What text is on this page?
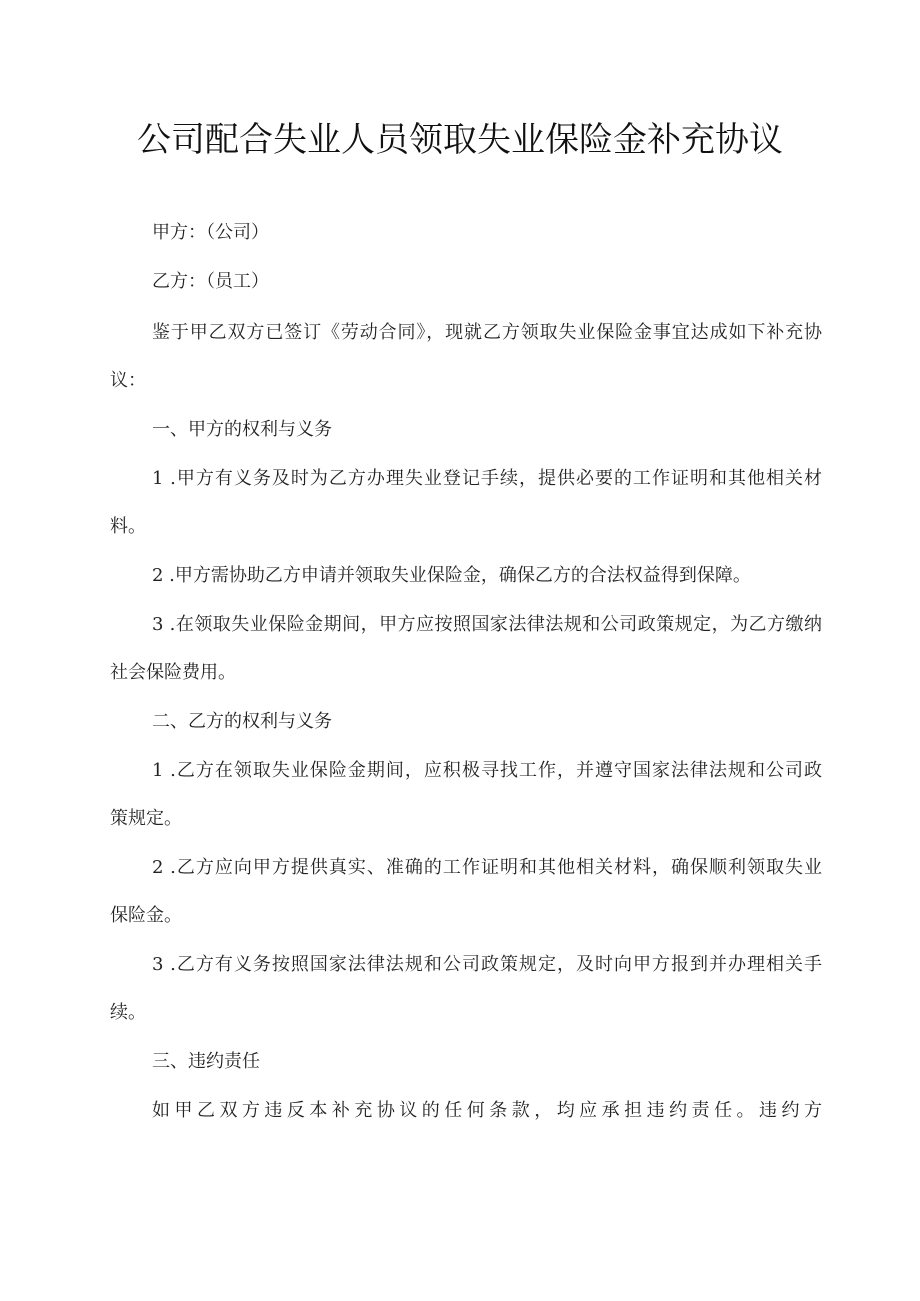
公司配合失业人员领取失业保险金补充协议
甲方：（公司）
乙方：（员工）
鉴于甲乙双方已签订《劳动合同》，现就乙方领取失业保险金事宜达成如下补充协
议：
一、甲方的权利与义务
1 .甲方有义务及时为乙方办理失业登记手续，提供必要的工作证明和其他相关材
料。
2 .甲方需协助乙方申请并领取失业保险金，确保乙方的合法权益得到保障。
3 .在领取失业保险金期间，甲方应按照国家法律法规和公司政策规定，为乙方缴纳
社会保险费用。
二、乙方的权利与义务
1 .乙方在领取失业保险金期间，应积极寻找工作，并遵守国家法律法规和公司政
策规定。
2 .乙方应向甲方提供真实、准确的工作证明和其他相关材料，确保顺利领取失业
保险金。
3 .乙方有义务按照国家法律法规和公司政策规定，及时向甲方报到并办理相关手
续。
三、违约责任
如甲乙双方违反本补充协议的任何条款，均应承担违约责任。违约方
